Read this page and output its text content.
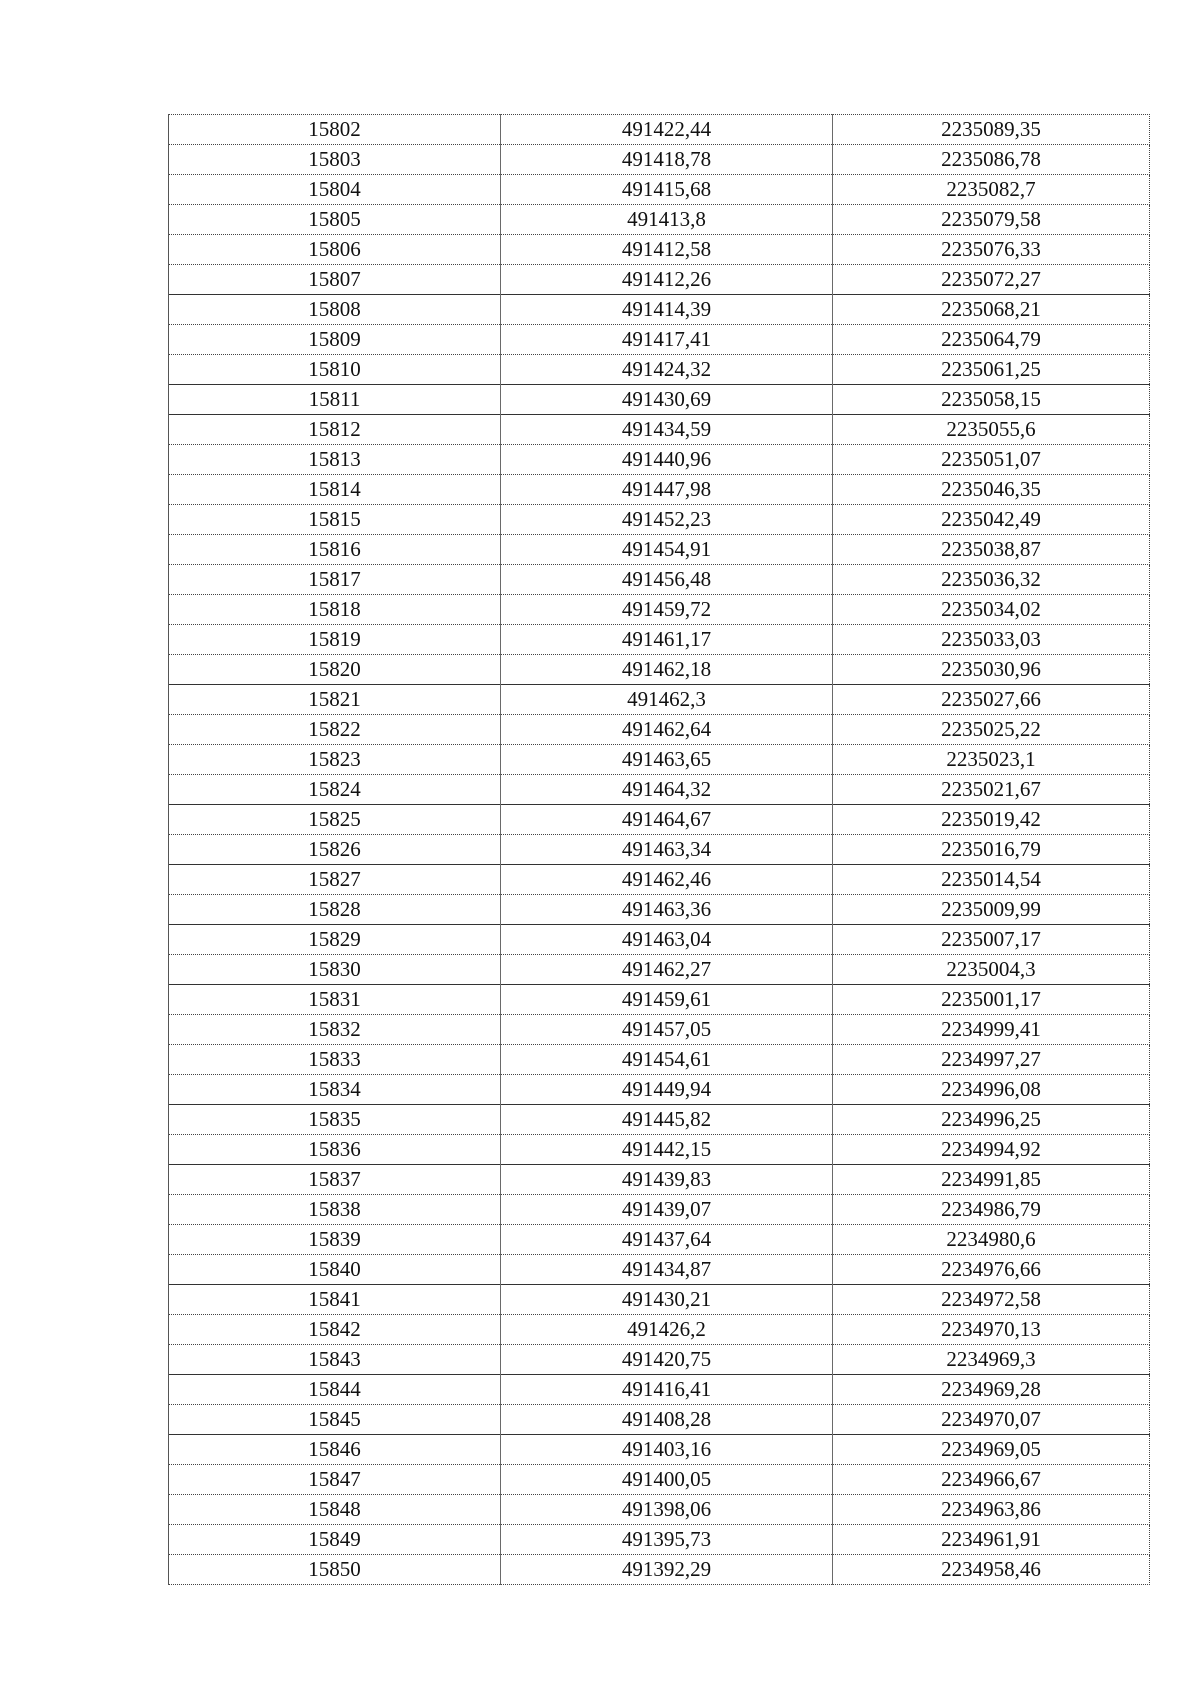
15802	491422,44	2235089,35
15803	491418,78	2235086,78
15804	491415,68	2235082,7
15805	491413,8	2235079,58
15806	491412,58	2235076,33
15807	491412,26	2235072,27
15808	491414,39	2235068,21
15809	491417,41	2235064,79
15810	491424,32	2235061,25
15811	491430,69	2235058,15
15812	491434,59	2235055,6
15813	491440,96	2235051,07
15814	491447,98	2235046,35
15815	491452,23	2235042,49
15816	491454,91	2235038,87
15817	491456,48	2235036,32
15818	491459,72	2235034,02
15819	491461,17	2235033,03
15820	491462,18	2235030,96
15821	491462,3	2235027,66
15822	491462,64	2235025,22
15823	491463,65	2235023,1
15824	491464,32	2235021,67
15825	491464,67	2235019,42
15826	491463,34	2235016,79
15827	491462,46	2235014,54
15828	491463,36	2235009,99
15829	491463,04	2235007,17
15830	491462,27	2235004,3
15831	491459,61	2235001,17
15832	491457,05	2234999,41
15833	491454,61	2234997,27
15834	491449,94	2234996,08
15835	491445,82	2234996,25
15836	491442,15	2234994,92
15837	491439,83	2234991,85
15838	491439,07	2234986,79
15839	491437,64	2234980,6
15840	491434,87	2234976,66
15841	491430,21	2234972,58
15842	491426,2	2234970,13
15843	491420,75	2234969,3
15844	491416,41	2234969,28
15845	491408,28	2234970,07
15846	491403,16	2234969,05
15847	491400,05	2234966,67
15848	491398,06	2234963,86
15849	491395,73	2234961,91
15850	491392,29	2234958,46
